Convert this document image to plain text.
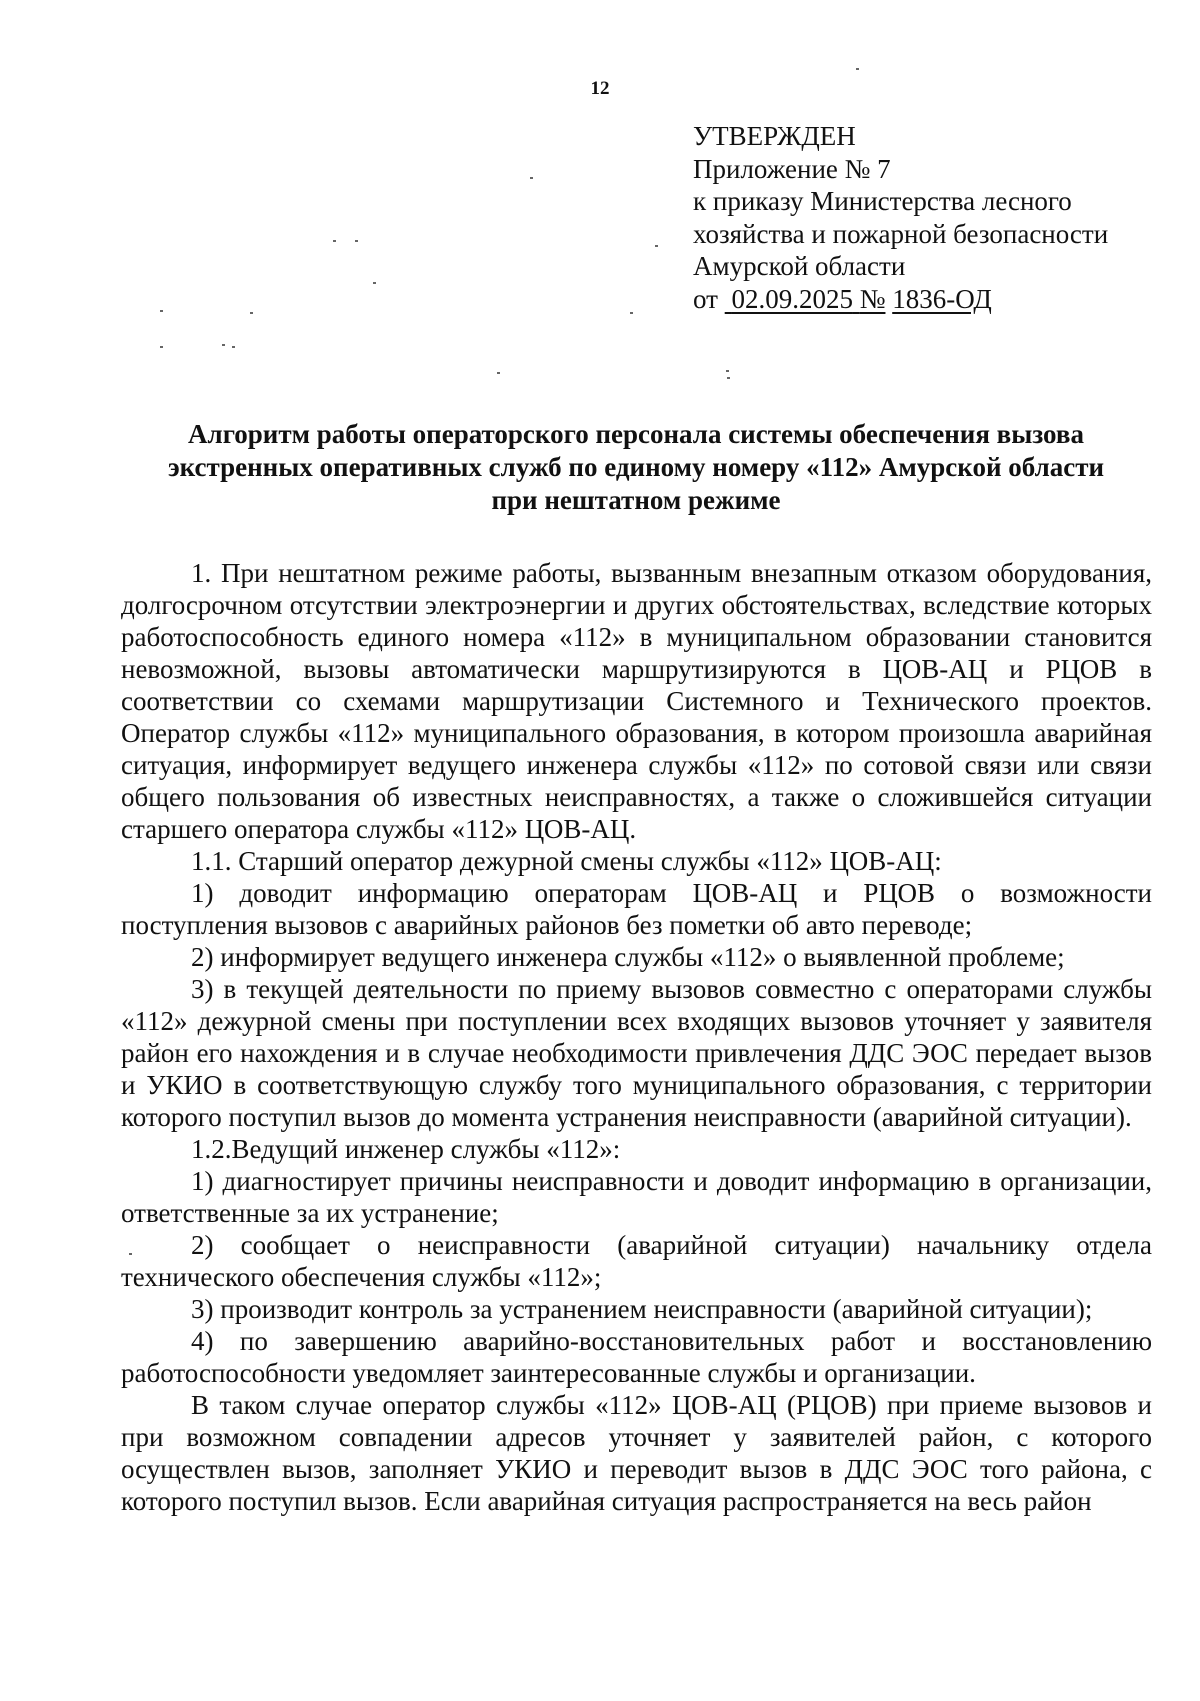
12
УТВЕРЖДЕН
Приложение № 7
к приказу Министерства лесного
хозяйства и пожарной безопасности
Амурской области
от 02.09.2025 № 1836-ОД
Алгоритм работы операторского персонала системы обеспечения вызова
экстренных оперативных служб по единому номеру «112» Амурской области
при нештатном режиме

1. При нештатном режиме работы, вызванным внезапным отказом оборудования, долгосрочном отсутствии электроэнергии и других обстоятельствах, вследствие которых работоспособность единого номера «112» в муниципальном образовании становится невозможной, вызовы автоматически маршрутизируются в ЦОВ-АЦ и РЦОВ в соответствии со схемами маршрутизации Системного и Технического проектов. Оператор службы «112» муниципального образования, в котором произошла аварийная ситуация, информирует ведущего инженера службы «112» по сотовой связи или связи общего пользования об известных неисправностях, а также о сложившейся ситуации старшего оператора службы «112» ЦОВ-АЦ.

1.1. Старший оператор дежурной смены службы «112» ЦОВ-АЦ:

1) доводит информацию операторам ЦОВ-АЦ и РЦОВ о возможности поступления вызовов с аварийных районов без пометки об авто переводе;

2) информирует ведущего инженера службы «112» о выявленной проблеме;

3) в текущей деятельности по приему вызовов совместно с операторами службы «112» дежурной смены при поступлении всех входящих вызовов уточняет у заявителя район его нахождения и в случае необходимости привлечения ДДС ЭОС передает вызов и УКИО в соответствующую службу того муниципального образования, с территории которого поступил вызов до момента устранения неисправности (аварийной ситуации).

1.2.Ведущий инженер службы «112»:

1) диагностирует причины неисправности и доводит информацию в организации, ответственные за их устранение;

2) сообщает о неисправности (аварийной ситуации) начальнику отдела технического обеспечения службы «112»;

3) производит контроль за устранением неисправности (аварийной ситуации);

4) по завершению аварийно-восстановительных работ и восстановлению работоспособности уведомляет заинтересованные службы и организации.

В таком случае оператор службы «112» ЦОВ-АЦ (РЦОВ) при приеме вызовов и при возможном совпадении адресов уточняет у заявителей район, с которого осуществлен вызов, заполняет УКИО и переводит вызов в ДДС ЭОС того района, с которого поступил вызов. Если аварийная ситуация распространяется на весь район
